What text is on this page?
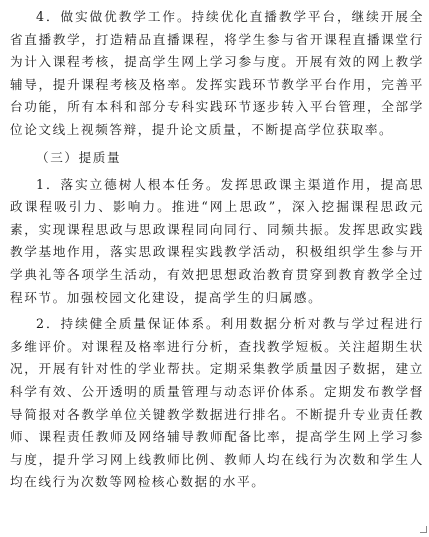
4．做实做优教学工作。持续优化直播教学平台，继续开展全省直播教学，打造精品直播课程，将学生参与省开课程直播课堂行为计入课程考核，提高学生网上学习参与度。开展有效的网上教学辅导，提升课程考核及格率。发挥实践环节教学平台作用，完善平台功能，所有本科和部分专科实践环节逐步转入平台管理，全部学位论文线上视频答辩，提升论文质量，不断提高学位获取率。

（三）提质量

1．落实立德树人根本任务。发挥思政课主渠道作用，提高思政课程吸引力、影响力。推进“网上思政”，深入挖掘课程思政元素，实现课程思政与思政课程同向同行、同频共振。发挥思政实践教学基地作用，落实思政课程实践教学活动，积极组织学生参与开学典礼等各项学生活动，有效把思想政治教育贯穿到教育教学全过程环节。加强校园文化建设，提高学生的归属感。

2．持续健全质量保证体系。利用数据分析对教与学过程进行多维评价。对课程及格率进行分析，查找教学短板。关注超期生状况，开展有针对性的学业帮扶。定期采集教学质量因子数据，建立科学有效、公开透明的质量管理与动态评价体系。定期发布教学督导简报对各教学单位关键教学数据进行排名。不断提升专业责任教师、课程责任教师及网络辅导教师配备比率，提高学生网上学习参与度，提升学习网上线教师比例、教师人均在线行为次数和学生人均在线行为次数等网检核心数据的水平。
